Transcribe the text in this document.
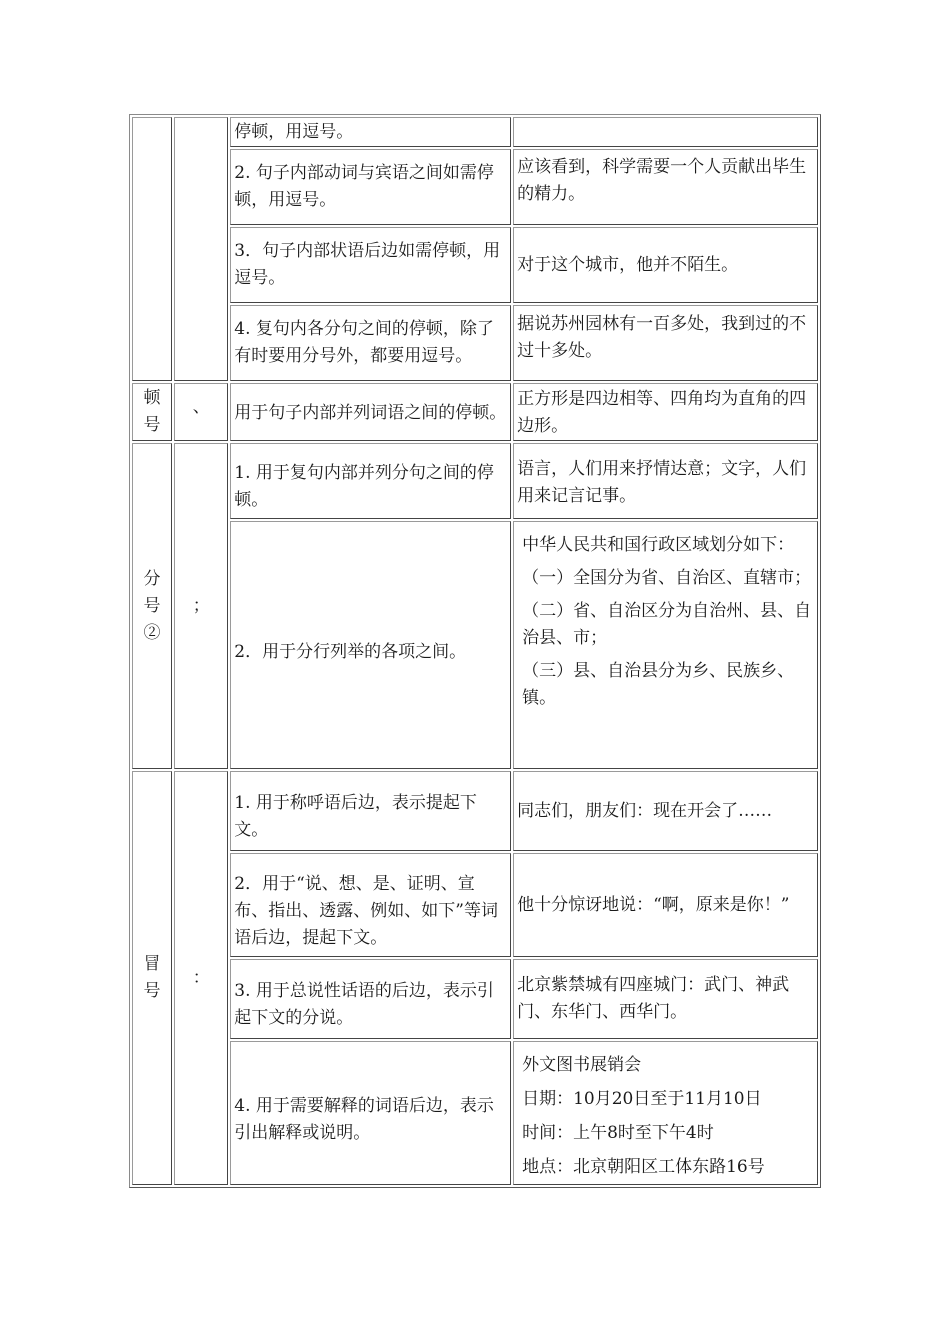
		停顿，用逗号。	
		2. 句子内部动词与宾语之间如需停顿，用逗号。	应该看到，科学需要一个人贡献出毕生的精力。
		3．句子内部状语后边如需停顿，用逗号。	对于这个城市，他并不陌生。
		4. 复句内各分句之间的停顿，除了有时要用分号外，都要用逗号。	据说苏州园林有一百多处，我到过的不过十多处。
顿号	、	用于句子内部并列词语之间的停顿。	正方形是四边相等、四角均为直角的四边形。
分号②	；	1. 用于复句内部并列分句之间的停顿。	语言，人们用来抒情达意；文字，人们用来记言记事。
		2．用于分行列举的各项之间。	中华人民共和国行政区域划分如下：
（一）全国分为省、自治区、直辖市；
（二）省、自治区分为自治州、县、自治县、市；
（三）县、自治县分为乡、民族乡、镇。

冒号	：	1. 用于称呼语后边，表示提起下文。	同志们，朋友们：现在开会了……
		2．用于“说、想、是、证明、宣布、指出、透露、例如、如下”等词语后边，提起下文。	他十分惊讶地说：“啊，原来是你！”
		3. 用于总说性话语的后边，表示引起下文的分说。	北京紫禁城有四座城门：武门、神武门、东华门、西华门。
		4. 用于需要解释的词语后边，表示引出解释或说明。	外文图书展销会
日期：10月20日至于11月10日
时间：上午8时至下午4时
地点：北京朝阳区工体东路16号
